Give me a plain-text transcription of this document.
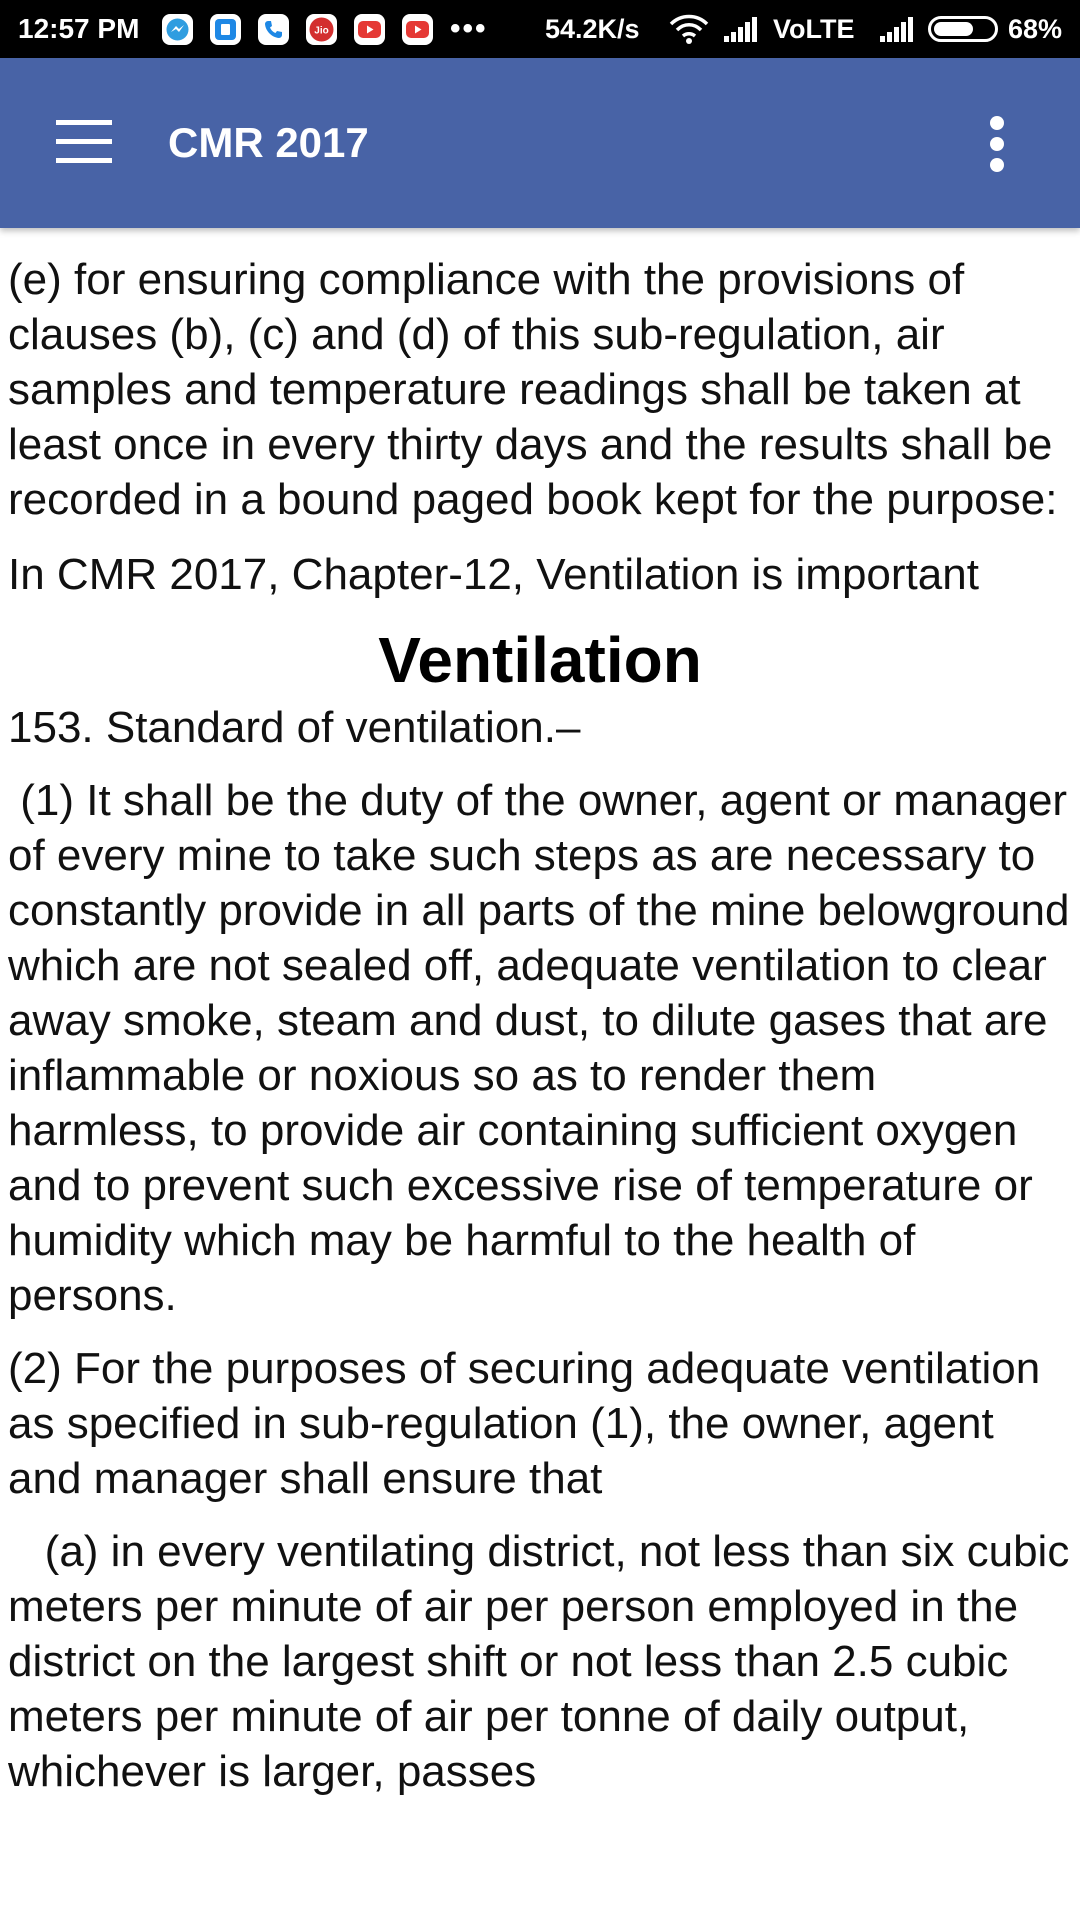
12:57 PM	Jio	••• 54.2K/s	VoLTE	68%
CMR 2017

(e) for ensuring compliance with the provisions of clauses (b), (c) and (d) of this sub-regulation, air samples and temperature readings shall be taken at least once in every thirty days and the results shall be recorded in a bound paged book kept for the purpose:

In CMR 2017, Chapter-12, Ventilation is important

Ventilation

153. Standard of ventilation.–

(1) It shall be the duty of the owner, agent or manager of every mine to take such steps as are necessary to constantly provide in all parts of the mine belowground which are not sealed off, adequate ventilation to clear away smoke, steam and dust, to dilute gases that are inflammable or noxious so as to render them harmless, to provide air containing sufficient oxygen and to prevent such excessive rise of temperature or humidity which may be harmful to the health of persons.

(2) For the purposes of securing adequate ventilation as specified in sub-regulation (1), the owner, agent and manager shall ensure that

(a) in every ventilating district, not less than six cubic meters per minute of air per person employed in the district on the largest shift or not less than 2.5 cubic meters per minute of air per tonne of daily output, whichever is larger, passes
